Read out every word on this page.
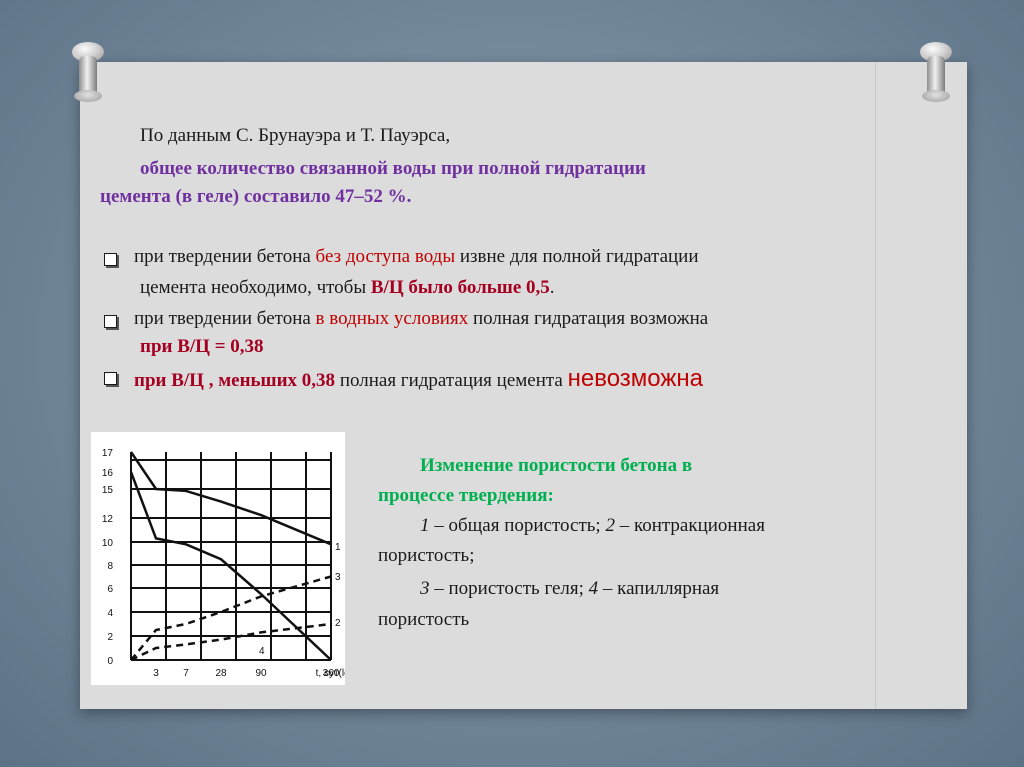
По данным С. Брунауэра и Т. Пауэрса,
общее количество связанной воды при полной гидратации
цемента (в геле) составило 47–52 %.
при твердении бетона без доступа воды извне для полной гидратации
цемента необходимо, чтобы В/Ц было больше 0,5.
при твердении бетона в водных условиях полная гидратация возможна
при В/Ц = 0,38
при В/Ц , меньших 0,38 полная гидратация цемента невозможна
0
2
4
6
8
10
12
15
16
17
3 7	28	90	360
t, сут(l
1
3
2
4
Изменение пористости бетона в
процессе твердения:
1 – общая пористость; 2 – контракционная
пористость;
3 – пористость геля; 4 – капиллярная
пористость
